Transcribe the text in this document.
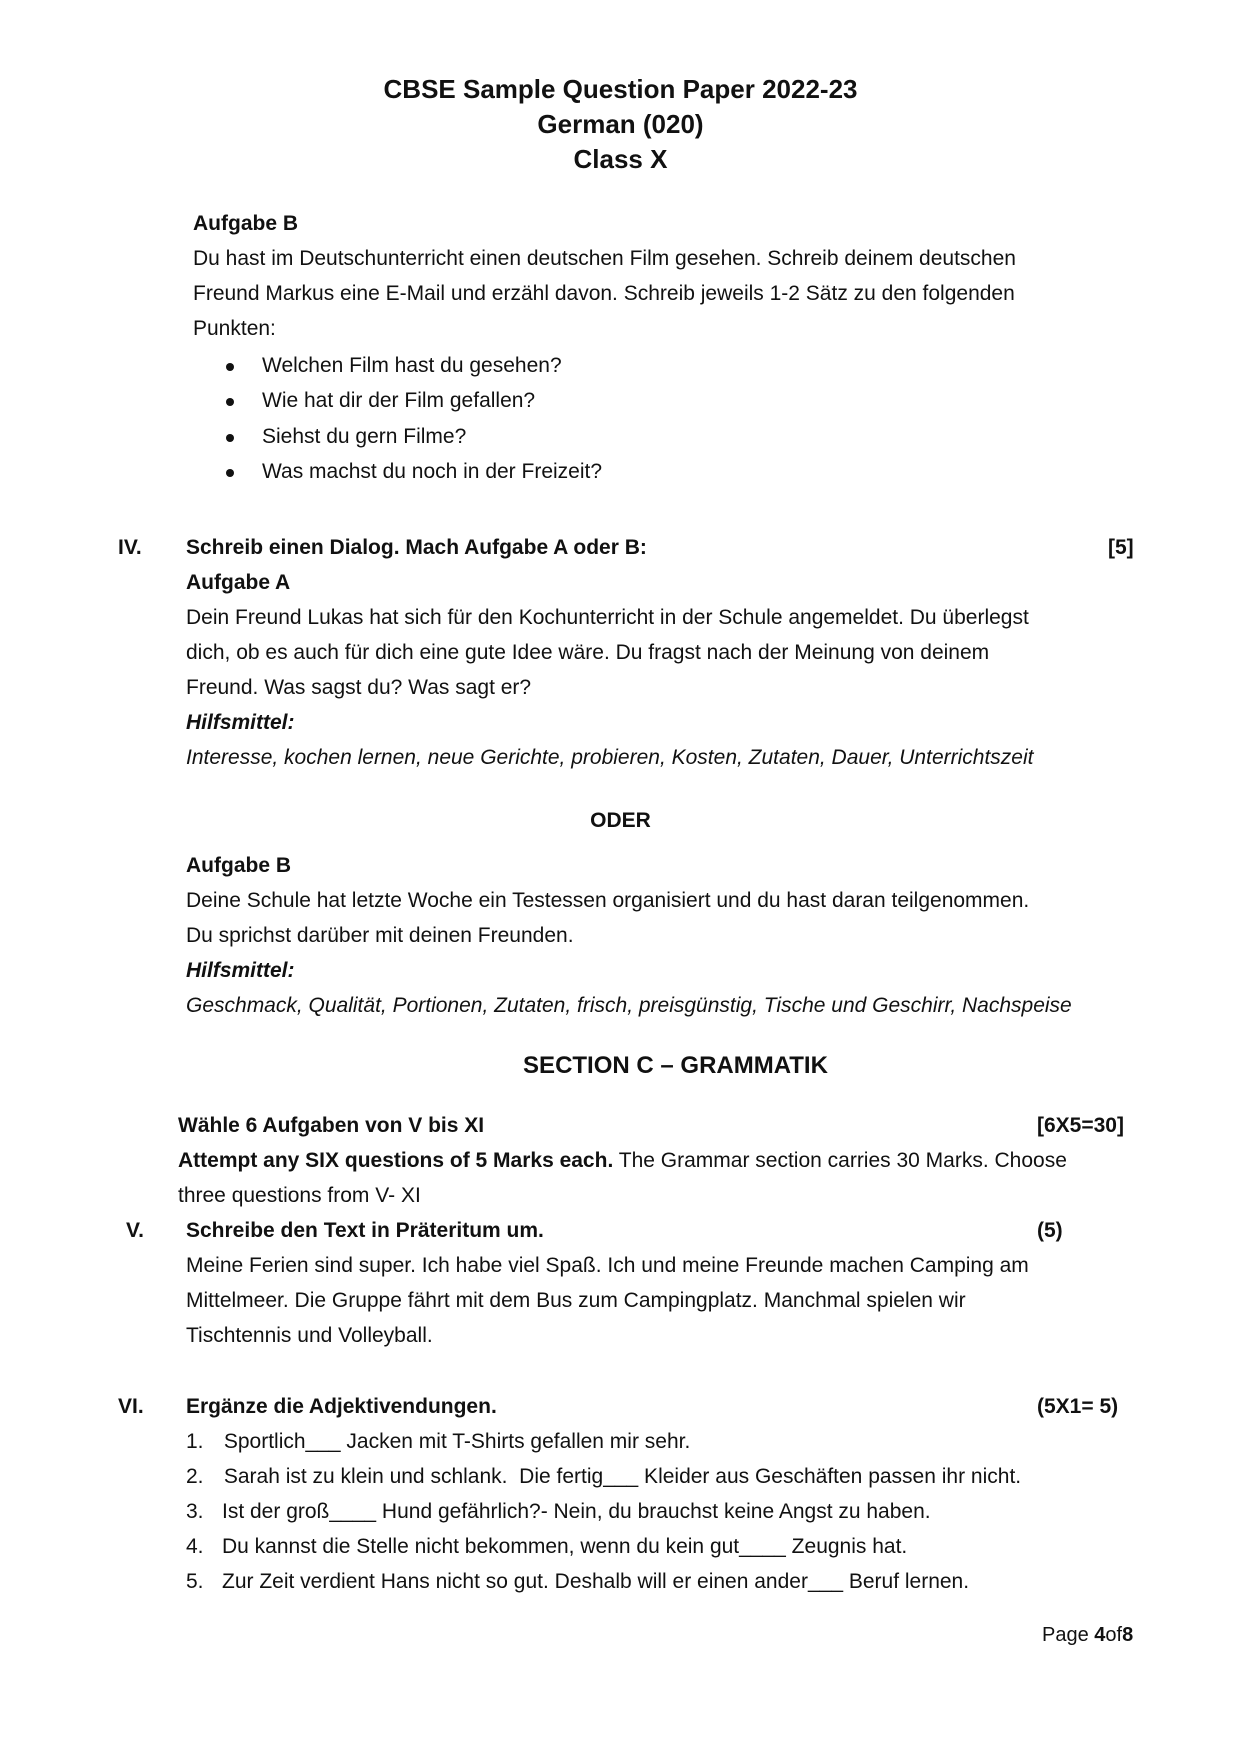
CBSE Sample Question Paper 2022-23
German (020)
Class X
Aufgabe B
Du hast im Deutschunterricht einen deutschen Film gesehen. Schreib deinem deutschen
Freund Markus eine E-Mail und erzähl davon. Schreib jeweils 1-2 Sätz zu den folgenden
Punkten:
Welchen Film hast du gesehen?
Wie hat dir der Film gefallen?
Siehst du gern Filme?
Was machst du noch in der Freizeit?
IV. Schreib einen Dialog. Mach Aufgabe A oder B:	[5]
Aufgabe A
Dein Freund Lukas hat sich für den Kochunterricht in der Schule angemeldet. Du überlegst
dich, ob es auch für dich eine gute Idee wäre. Du fragst nach der Meinung von deinem
Freund. Was sagst du? Was sagt er?
Hilfsmittel:
Interesse, kochen lernen, neue Gerichte, probieren, Kosten, Zutaten, Dauer, Unterrichtszeit
ODER
Aufgabe B
Deine Schule hat letzte Woche ein Testessen organisiert und du hast daran teilgenommen.
Du sprichst darüber mit deinen Freunden.
Hilfsmittel:
Geschmack, Qualität, Portionen, Zutaten, frisch, preisgünstig, Tische und Geschirr, Nachspeise
SECTION C – GRAMMATIK
Wähle 6 Aufgaben von V bis XI	[6X5=30]
Attempt any SIX questions of 5 Marks each. The Grammar section carries 30 Marks. Choose
three questions from V- XI
V. Schreibe den Text in Präteritum um.	(5)
Meine Ferien sind super. Ich habe viel Spaß. Ich und meine Freunde machen Camping am
Mittelmeer. Die Gruppe fährt mit dem Bus zum Campingplatz. Manchmal spielen wir
Tischtennis und Volleyball.
VI. Ergänze die Adjektivendungen.	(5X1= 5)
1. Sportlich___ Jacken mit T-Shirts gefallen mir sehr.
2. Sarah ist zu klein und schlank.  Die fertig___ Kleider aus Geschäften passen ihr nicht.
3. Ist der groß____ Hund gefährlich?- Nein, du brauchst keine Angst zu haben.
4. Du kannst die Stelle nicht bekommen, wenn du kein gut____ Zeugnis hat.
5. Zur Zeit verdient Hans nicht so gut. Deshalb will er einen ander___ Beruf lernen.
Page 4of8
